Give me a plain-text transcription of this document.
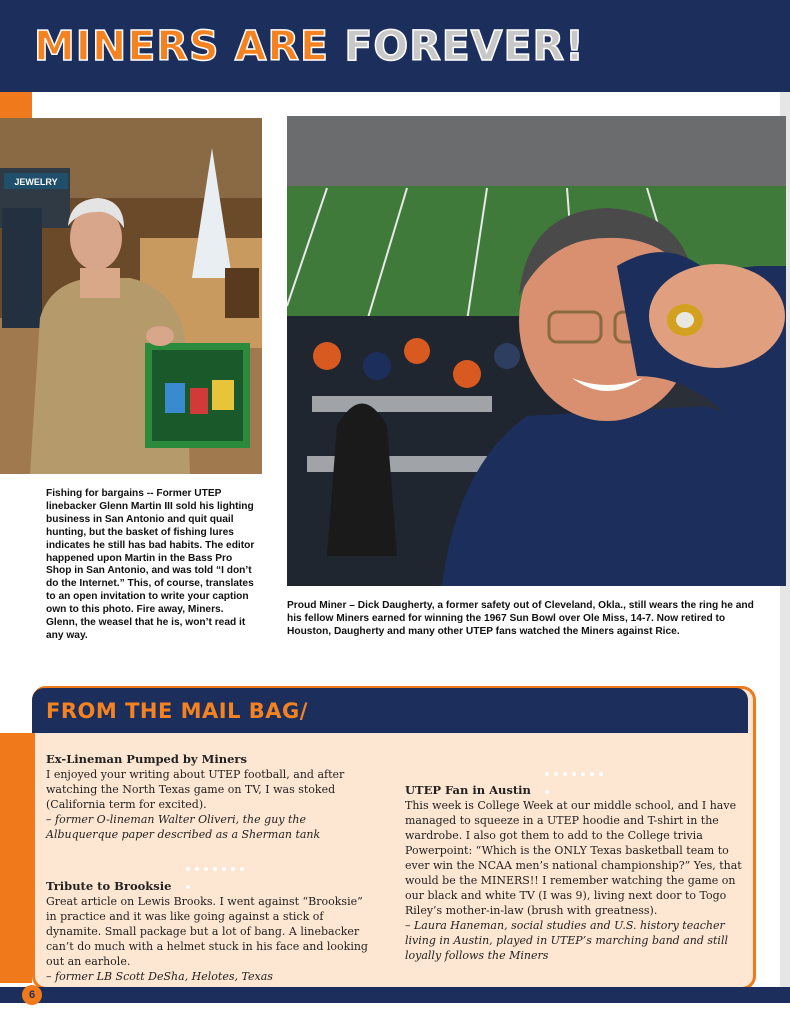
MINERS ARE FOREVER!
JEWELRY

Fishing for bargains -- Former UTEP linebacker Glenn Martin III sold his lighting business in San Antonio and quit quail hunting, but the basket of fishing lures indicates he still has bad habits. The editor happened upon Martin in the Bass Pro Shop in San Antonio, and was told “I don’t do the Internet.” This, of course, translates to an open invitation to write your caption own to this photo. Fire away, Miners. Glenn, the weasel that he is, won’t read it any way.

Proud Miner – Dick Daugherty, a former safety out of Cleveland, Okla., still wears the ring he and his fellow Miners earned for winning the 1967 Sun Bowl over Ole Miss, 14-7. Now retired to Houston, Daugherty and many other UTEP fans watched the Miners against Rice.

FROM THE MAIL BAG/
Ex-Lineman Pumped by Miners

I enjoyed your writing about UTEP football, and after watching the North Texas game on TV, I was stoked (California term for excited).

– former O-lineman Walter Oliveri, the guy the Albuquerque paper described as a Sherman tank

Tribute to Brooksie

Great article on Lewis Brooks. I went against “Brooksie” in practice and it was like going against a stick of dynamite. Small package but a lot of bang. A linebacker can’t do much with a helmet stuck in his face and looking out an earhole.

– former LB Scott DeSha, Helotes, Texas

UTEP Fan in Austin

This week is College Week at our middle school, and I have managed to squeeze in a UTEP hoodie and T-shirt in the wardrobe. I also got them to add to the College trivia Powerpoint: “Which is the ONLY Texas basketball team to ever win the NCAA men’s national championship?” Yes, that would be the MINERS!! I remember watching the game on our black and white TV (I was 9), living next door to Togo Riley’s mother-in-law (brush with greatness).

– Laura Haneman, social studies and U.S. history teacher living in Austin, played in UTEP’s marching band and still loyally follows the Miners

6
